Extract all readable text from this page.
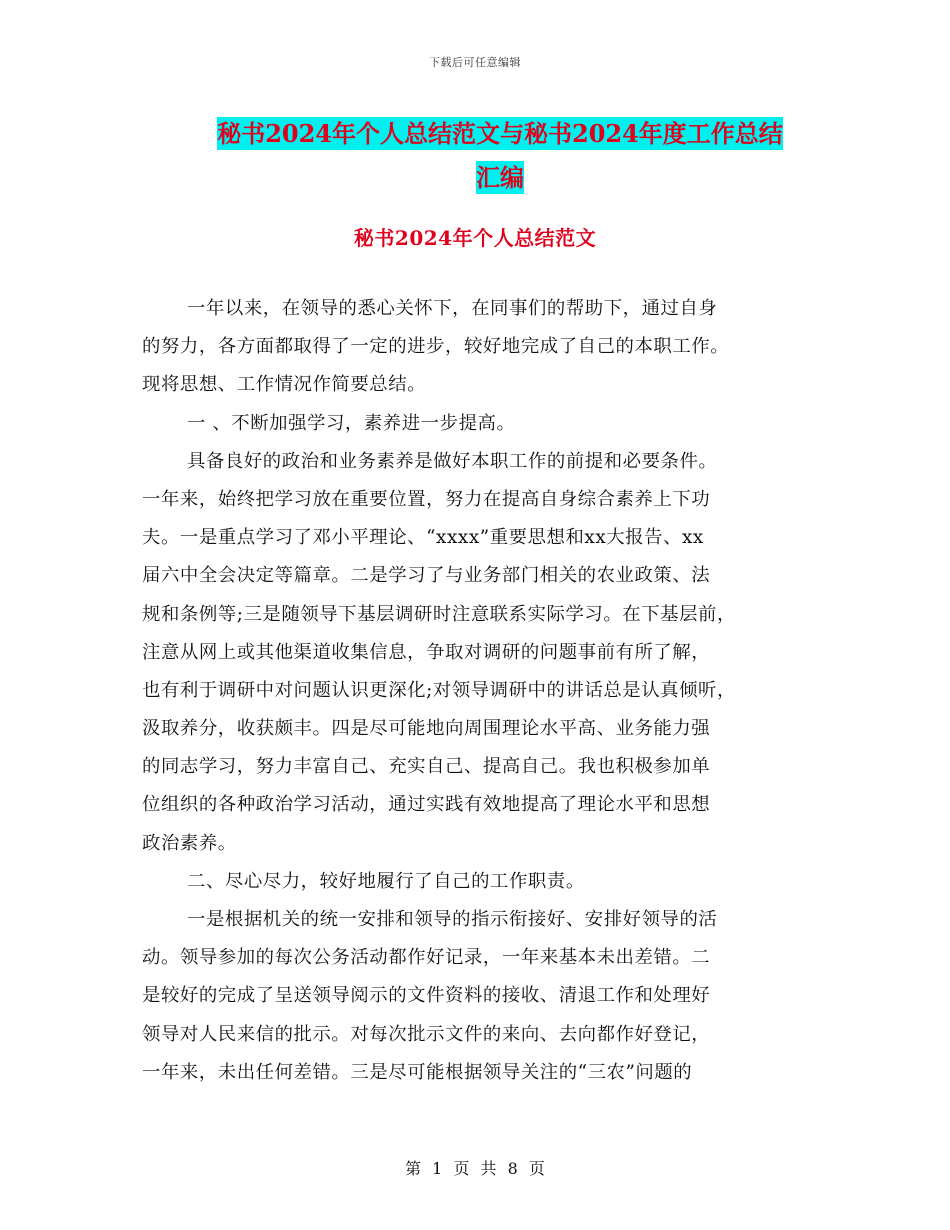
下载后可任意编辑
秘书2024年个人总结范文与秘书2024年度工作总结
汇编
秘书2024年个人总结范文
一年以来，在领导的悉心关怀下，在同事们的帮助下，通过自身
的努力，各方面都取得了一定的进步，较好地完成了自己的本职工作。
现将思想、工作情况作简要总结。
一 、不断加强学习，素养进一步提高。
具备良好的政治和业务素养是做好本职工作的前提和必要条件。
一年来，始终把学习放在重要位置，努力在提高自身综合素养上下功
夫。一是重点学习了邓小平理论、“xxxx”重要思想和xx大报告、xx
届六中全会决定等篇章。二是学习了与业务部门相关的农业政策、法
规和条例等;三是随领导下基层调研时注意联系实际学习。在下基层前，
注意从网上或其他渠道收集信息，争取对调研的问题事前有所了解，
也有利于调研中对问题认识更深化;对领导调研中的讲话总是认真倾听，
汲取养分，收获颇丰。四是尽可能地向周围理论水平高、业务能力强
的同志学习，努力丰富自己、充实自己、提高自己。我也积极参加单
位组织的各种政治学习活动，通过实践有效地提高了理论水平和思想
政治素养。
二、尽心尽力，较好地履行了自己的工作职责。
一是根据机关的统一安排和领导的指示衔接好、安排好领导的活
动。领导参加的每次公务活动都作好记录，一年来基本未出差错。二
是较好的完成了呈送领导阅示的文件资料的接收、清退工作和处理好
领导对人民来信的批示。对每次批示文件的来向、去向都作好登记，
一年来，未出任何差错。三是尽可能根据领导关注的“三农”问题的
第 1 页 共 8 页
